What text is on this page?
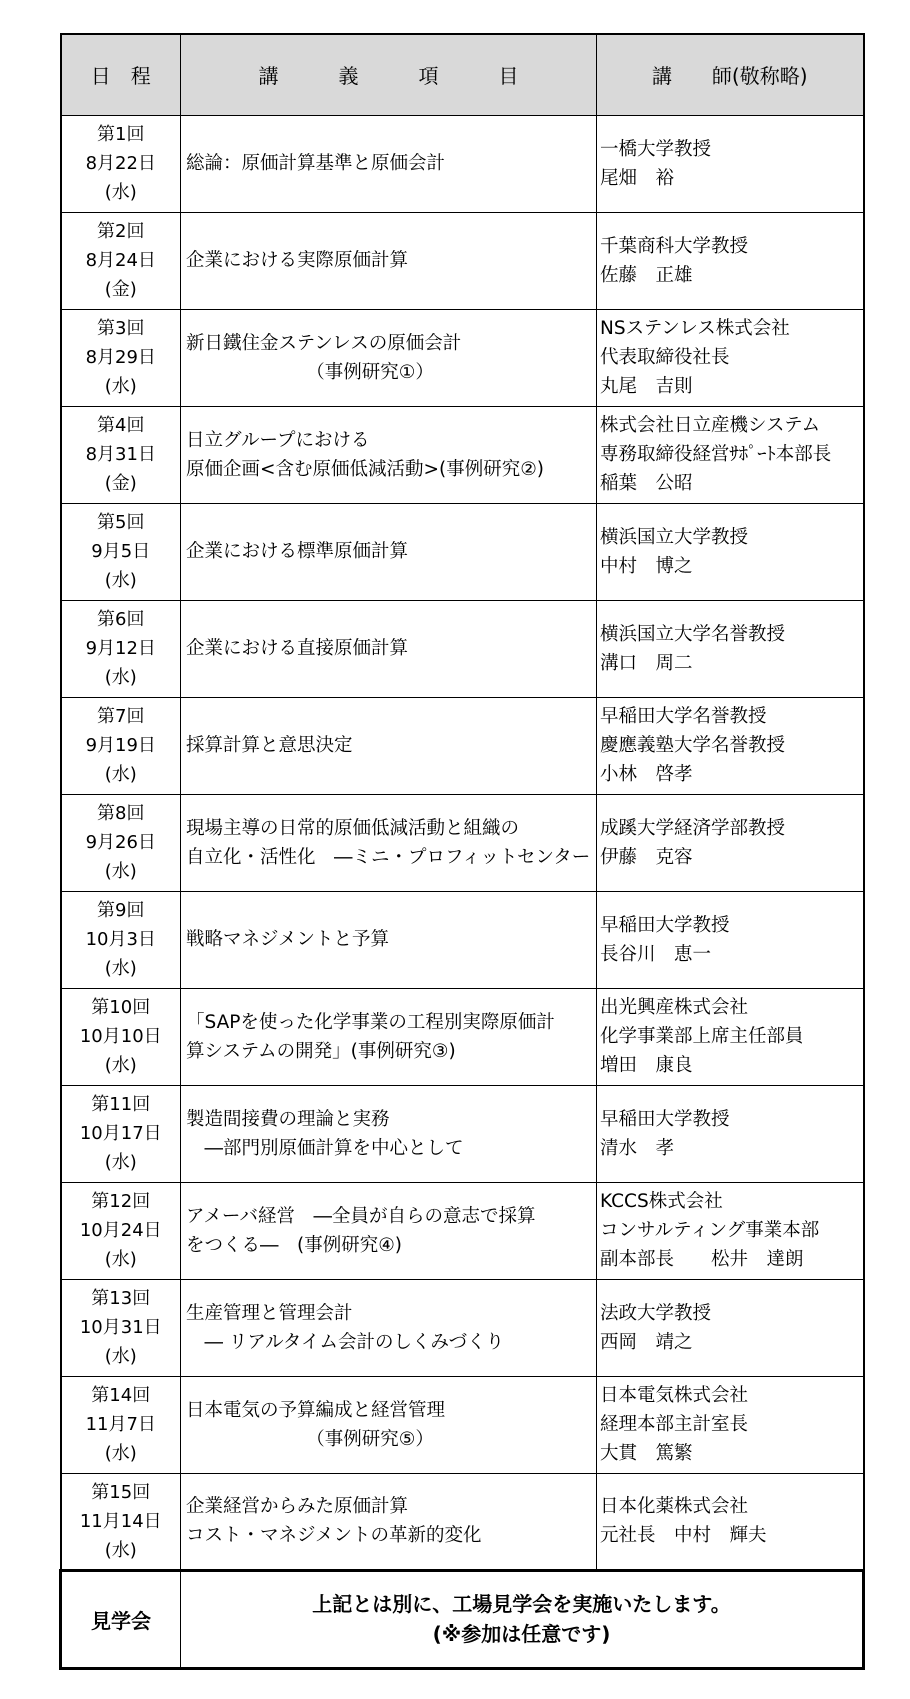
日　程	講　　　義　　　項　　　目	講　　師(敬称略)

第1回
8月22日
(水)	総論：原価計算基準と原価会計	一橋大学教授
尾畑　裕

第2回
8月24日
(金)	企業における実際原価計算	千葉商科大学教授
佐藤　正雄

第3回
8月29日
(水)	新日鐵住金ステンレスの原価会計
　　　　　　　（事例研究①）	NSステンレス株式会社
代表取締役社長
丸尾　吉則

第4回
8月31日
(金)	日立グループにおける
原価企画<含む原価低減活動>(事例研究②)	株式会社日立産機システム
専務取締役経営ｻﾎﾟｰﾄ本部長
稲葉　公昭

第5回
9月5日
(水)	企業における標準原価計算	横浜国立大学教授
中村　博之

第6回
9月12日
(水)	企業における直接原価計算	横浜国立大学名誉教授
溝口　周二

第7回
9月19日
(水)	採算計算と意思決定	早稲田大学名誉教授
慶應義塾大学名誉教授
小林　啓孝

第8回
9月26日
(水)	現場主導の日常的原価低減活動と組織の
自立化・活性化　―ミニ・プロフィットセンター	成蹊大学経済学部教授
伊藤　克容

第9回
10月3日
(水)	戦略マネジメントと予算	早稲田大学教授
長谷川　恵一

第10回
10月10日
(水)	「SAPを使った化学事業の工程別実際原価計
算システムの開発」(事例研究③)	出光興産株式会社
化学事業部上席主任部員
増田　康良

第11回
10月17日
(水)	製造間接費の理論と実務
　―部門別原価計算を中心として	早稲田大学教授
清水　孝

第12回
10月24日
(水)	アメーバ経営　―全員が自らの意志で採算
をつくる―　(事例研究④)	KCCS株式会社
コンサルティング事業本部
副本部長　　松井　達朗

第13回
10月31日
(水)	生産管理と管理会計
　― リアルタイム会計のしくみづくり	法政大学教授
西岡　靖之

第14回
11月7日
(水)	日本電気の予算編成と経営管理
　　　　　　　（事例研究⑤）	日本電気株式会社
経理本部主計室長
大貫　篤繁

第15回
11月14日
(水)	企業経営からみた原価計算
コスト・マネジメントの革新的変化	日本化薬株式会社
元社長　中村　輝夫

見学会	上記とは別に、工場見学会を実施いたします。
(※参加は任意です)	
